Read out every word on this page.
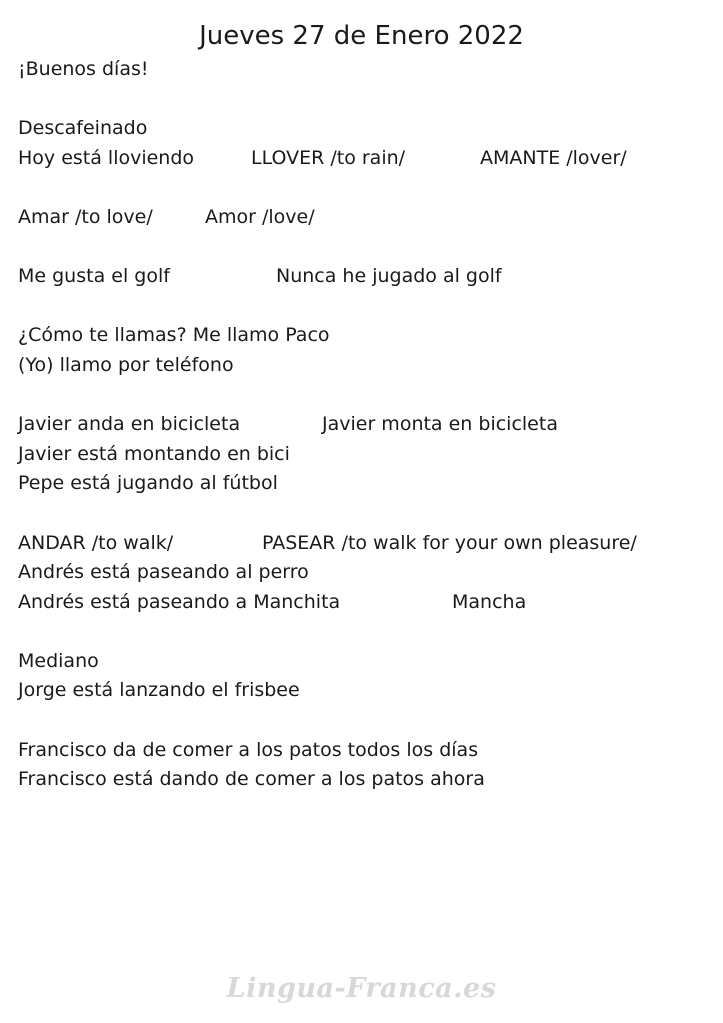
Jueves 27 de Enero 2022
¡Buenos días!
Descafeinado
Hoy está lloviendo	LLOVER /to rain/	AMANTE /lover/
Amar /to love/	Amor /love/
Me gusta el golf	Nunca he jugado al golf
¿Cómo te llamas? Me llamo Paco
(Yo) llamo por teléfono
Javier anda en bicicleta	Javier monta en bicicleta
Javier está montando en bici
Pepe está jugando al fútbol
ANDAR /to walk/	PASEAR /to walk for your own pleasure/
Andrés está paseando al perro
Andrés está paseando a Manchita	Mancha
Mediano
Jorge está lanzando el frisbee
Francisco da de comer a los patos todos los días
Francisco está dando de comer a los patos ahora
Lingua-Franca.es
